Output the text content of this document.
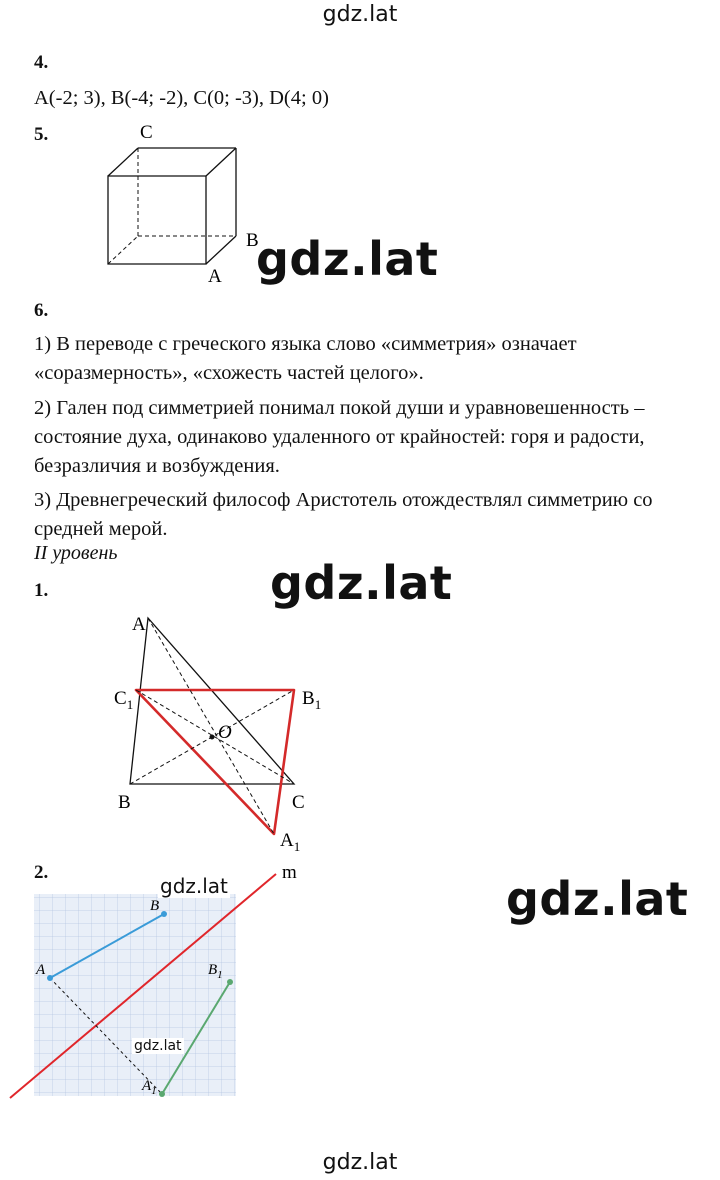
gdz.lat
4.
A(-2; 3), B(-4; -2), C(0; -3), D(4; 0)
5.	C
B
A gdz.lat
6.
1) В переводе с греческого языка слово «симметрия» означает
«соразмерность», «схожесть частей целого».
2) Гален под симметрией понимал покой души и уравновешенность –
состояние духа, одинаково удаленного от крайностей: горя и радости,
безразличия и возбуждения.
3) Древнегреческий философ Аристотель отождествлял симметрию со
средней мерой.
II уровень
gdz.lat
1.
A
$C_1$	$B_1$
O
B	C
$A_1$
2.	gdz.lat
m
A
B
$B_1$
$A_1$
gdz.lat
gdz.lat
gdz.lat
